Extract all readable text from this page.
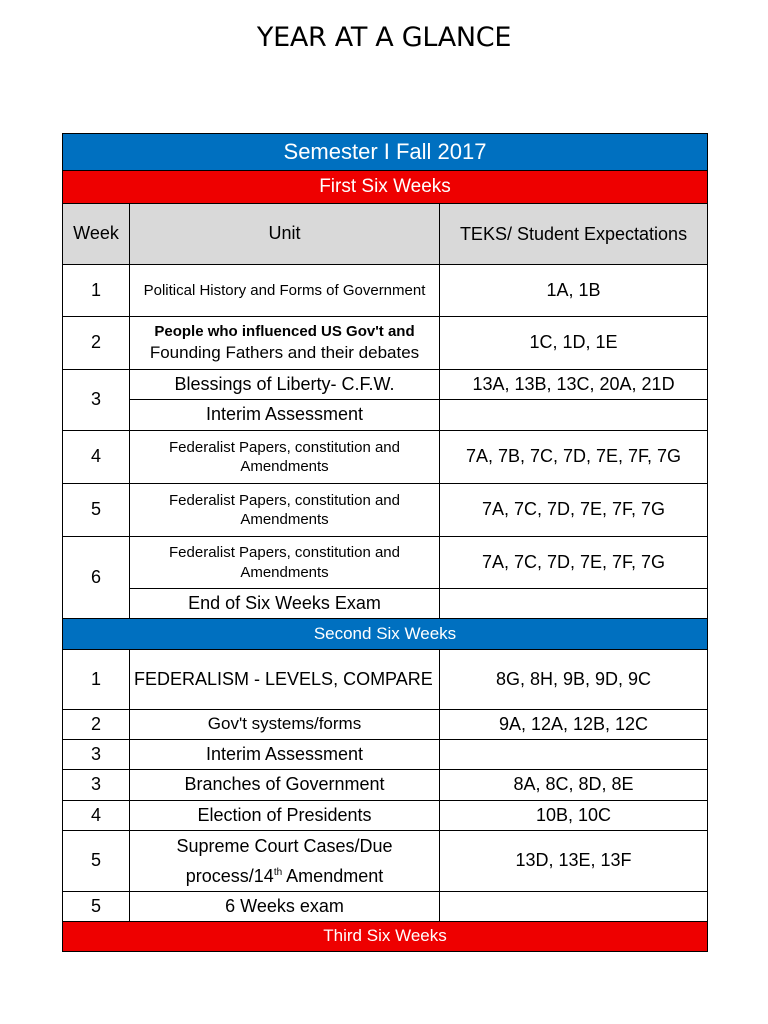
YEAR AT A GLANCE
Semester I Fall 2017		
First Six Weeks		
Week	Unit	TEKS/ Student Expectations
1	Political History and Forms of Government	1A, 1B
2	People who influenced US Gov't and
Founding Fathers and their debates	1C, 1D, 1E
3	Blessings of Liberty- C.F.W.	13A, 13B, 13C, 20A, 21D
	Interim Assessment	
4	Federalist Papers, constitution and Amendments	7A, 7B, 7C, 7D, 7E, 7F, 7G
5	Federalist Papers, constitution and Amendments	7A, 7C, 7D, 7E, 7F, 7G
6	Federalist Papers, constitution and Amendments	7A, 7C, 7D, 7E, 7F, 7G
	End of Six Weeks Exam	
Second Six Weeks		
1	FEDERALISM - LEVELS, COMPARE	8G, 8H, 9B, 9D, 9C
2	Gov't systems/forms	9A, 12A, 12B, 12C
3	Interim Assessment	
3	Branches of Government	8A, 8C, 8D, 8E
4	Election of Presidents	10B, 10C
5	Supreme Court Cases/Due
process/14th Amendment	13D, 13E, 13F
5	6 Weeks exam	
Third Six Weeks		
